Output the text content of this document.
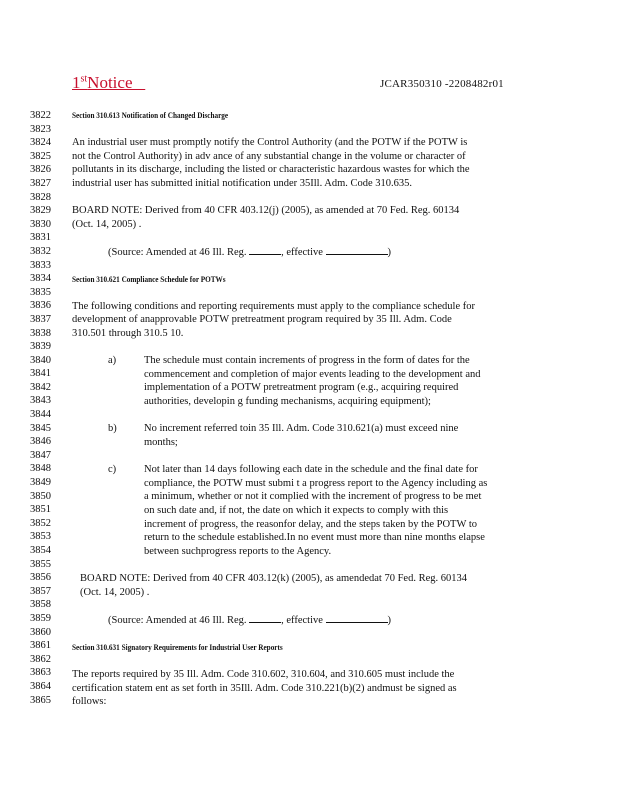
1stNotice	JCAR350310 -2208482r01
3822
3823
3824
3825
3826
3827
3828
3829
3830
3831
3832
3833
3834
3835
3836
3837
3838
3839
3840
3841
3842
3843
3844
3845
3846
3847
3848
3849
3850
3851
3852
3853
3854
3855
3856
3857
3858
3859
3860
3861
3862
3863
3864
3865
Section 310.613 Notification of Changed Discharge
An industrial user must promptly notify the Control Authority (and the POTW if the POTW is
not the Control Authority) in adv ance of any substantial change in the volume or character of
pollutants in its discharge, including the listed or characteristic hazardous wastes for which the
industrial user has submitted initial notification under 35Ill. Adm. Code 310.635.
BOARD NOTE: Derived from 40 CFR 403.12(j) (2005), as amended at 70 Fed. Reg. 60134
(Oct. 14, 2005) .
(Source: Amended at 46 Ill. Reg.	, effective	)
Section 310.621 Compliance Schedule for POTWs
The following conditions and reporting requirements must apply to the compliance schedule for
development of anapprovable POTW pretreatment program required by 35 Ill. Adm. Code
310.501 through 310.5 10.
a)	The schedule must contain increments of progress in the form of dates for the
commencement and completion of major events leading to the development and
implementation of a POTW pretreatment program (e.g., acquiring required
authorities, developin g funding mechanisms, acquiring equipment);
b)	No increment referred toin 35 Ill. Adm. Code 310.621(a) must exceed nine
months;
c)	Not later than 14 days following each date in the schedule and the final date for
compliance, the POTW must submi t a progress report to the Agency including as
a minimum, whether or not it complied with the increment of progress to be met
on such date and, if not, the date on which it expects to comply with this
increment of progress, the reasonfor delay, and the steps taken by the POTW to
return to the schedule established.In no event must more than nine months elapse
between suchprogress reports to the Agency.
BOARD NOTE: Derived from 40 CFR 403.12(k) (2005), as amendedat 70 Fed. Reg. 60134
(Oct. 14, 2005) .
(Source: Amended at 46 Ill. Reg.	, effective	)
Section 310.631 Signatory Requirements for Industrial User Reports
The reports required by 35 Ill. Adm. Code 310.602, 310.604, and 310.605 must include the
certification statem ent as set forth in 35Ill. Adm. Code 310.221(b)(2) andmust be signed as
follows:
